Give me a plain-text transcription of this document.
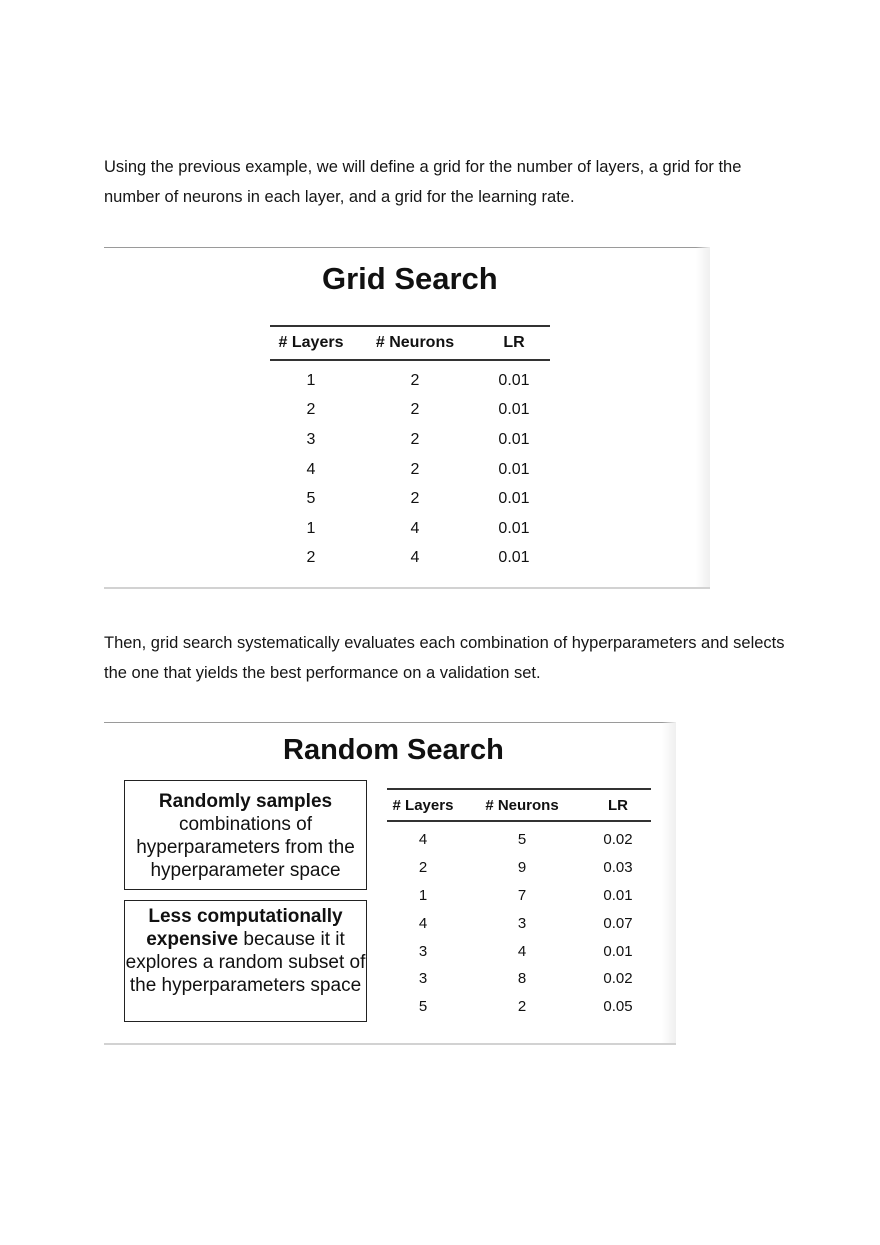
Using the previous example, we will define a grid for the number of layers, a grid for the number of neurons in each layer, and a grid for the learning rate.

Grid Search
# Layers	# Neurons	LR
1	2	0.01
2	2	0.01
3	2	0.01
4	2	0.01
5	2	0.01
1	4	0.01
2	4	0.01

Then, grid search systematically evaluates each combination of hyperparameters and selects the one that yields the best performance on a validation set.

Random Search
Randomly samples
combinations of hyperparameters from the hyperparameter space
Less computationally expensive because it it explores a random subset of the hyperparameters space
# Layers	# Neurons	LR
4	5	0.02
2	9	0.03
1	7	0.01
4	3	0.07
3	4	0.01
3	8	0.02
5	2	0.05
